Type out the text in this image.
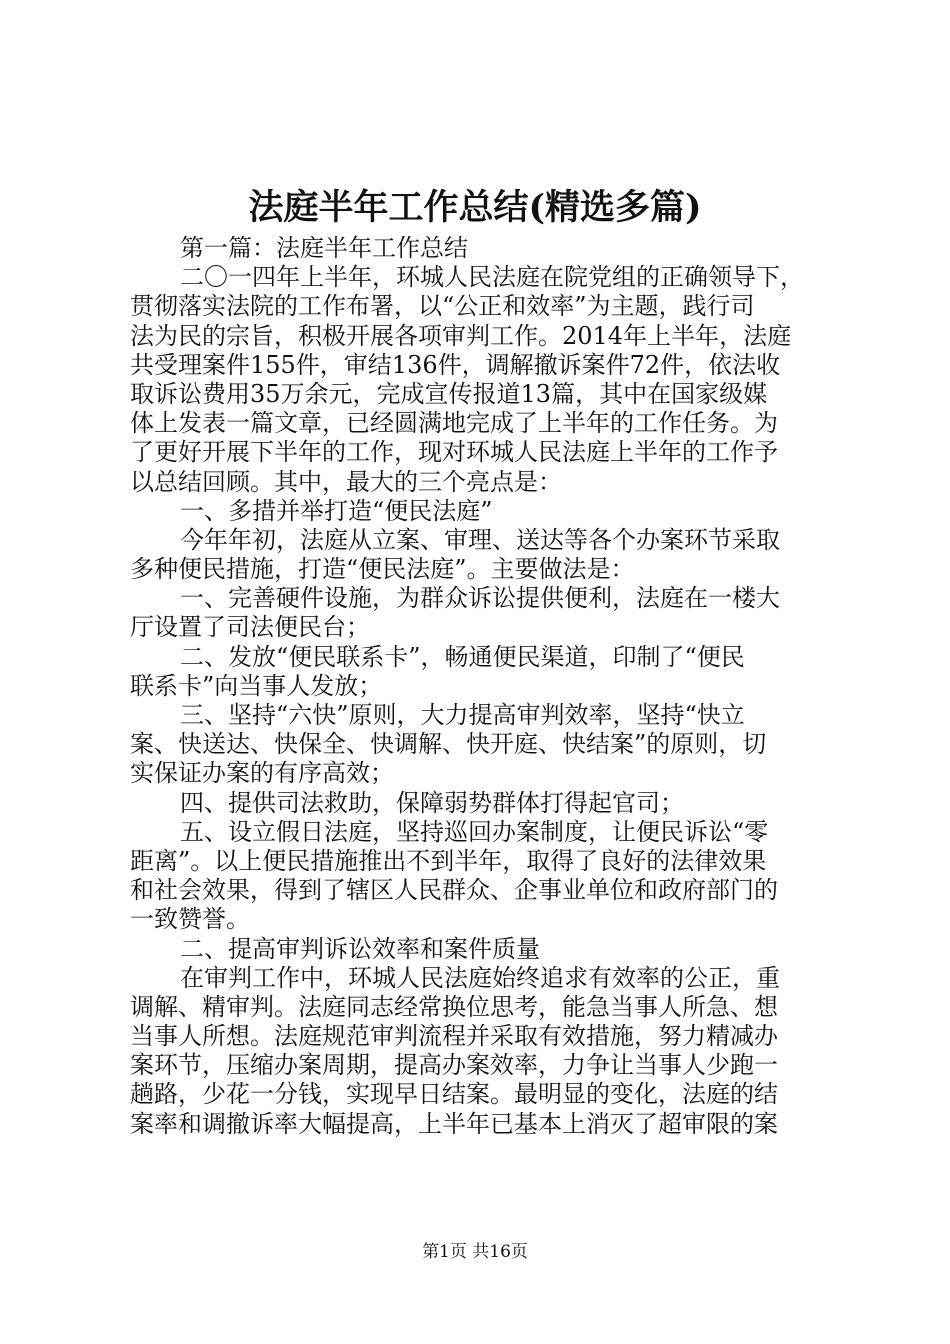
法庭半年工作总结(精选多篇)
第一篇：法庭半年工作总结
二〇一四年上半年，环城人民法庭在院党组的正确领导下，
贯彻落实法院的工作布署，以“公正和效率”为主题，践行司
法为民的宗旨，积极开展各项审判工作。2014年上半年，法庭
共受理案件155件，审结136件，调解撤诉案件72件，依法收
取诉讼费用35万余元，完成宣传报道13篇，其中在国家级媒
体上发表一篇文章，已经圆满地完成了上半年的工作任务。为
了更好开展下半年的工作，现对环城人民法庭上半年的工作予
以总结回顾。其中，最大的三个亮点是：
一、多措并举打造“便民法庭”
今年年初，法庭从立案、审理、送达等各个办案环节采取
多种便民措施，打造“便民法庭”。主要做法是：
一、完善硬件设施，为群众诉讼提供便利，法庭在一楼大
厅设置了司法便民台；
二、发放“便民联系卡”，畅通便民渠道，印制了“便民
联系卡”向当事人发放；
三、坚持“六快”原则，大力提高审判效率，坚持“快立
案、快送达、快保全、快调解、快开庭、快结案”的原则，切
实保证办案的有序高效；
四、提供司法救助，保障弱势群体打得起官司；
五、设立假日法庭，坚持巡回办案制度，让便民诉讼“零
距离”。以上便民措施推出不到半年，取得了良好的法律效果
和社会效果，得到了辖区人民群众、企事业单位和政府部门的
一致赞誉。
二、提高审判诉讼效率和案件质量
在审判工作中，环城人民法庭始终追求有效率的公正，重
调解、精审判。法庭同志经常换位思考，能急当事人所急、想
当事人所想。法庭规范审判流程并采取有效措施，努力精减办
案环节，压缩办案周期，提高办案效率，力争让当事人少跑一
趟路，少花一分钱，实现早日结案。最明显的变化，法庭的结
案率和调撤诉率大幅提高，上半年已基本上消灭了超审限的案
第1页 共16页
